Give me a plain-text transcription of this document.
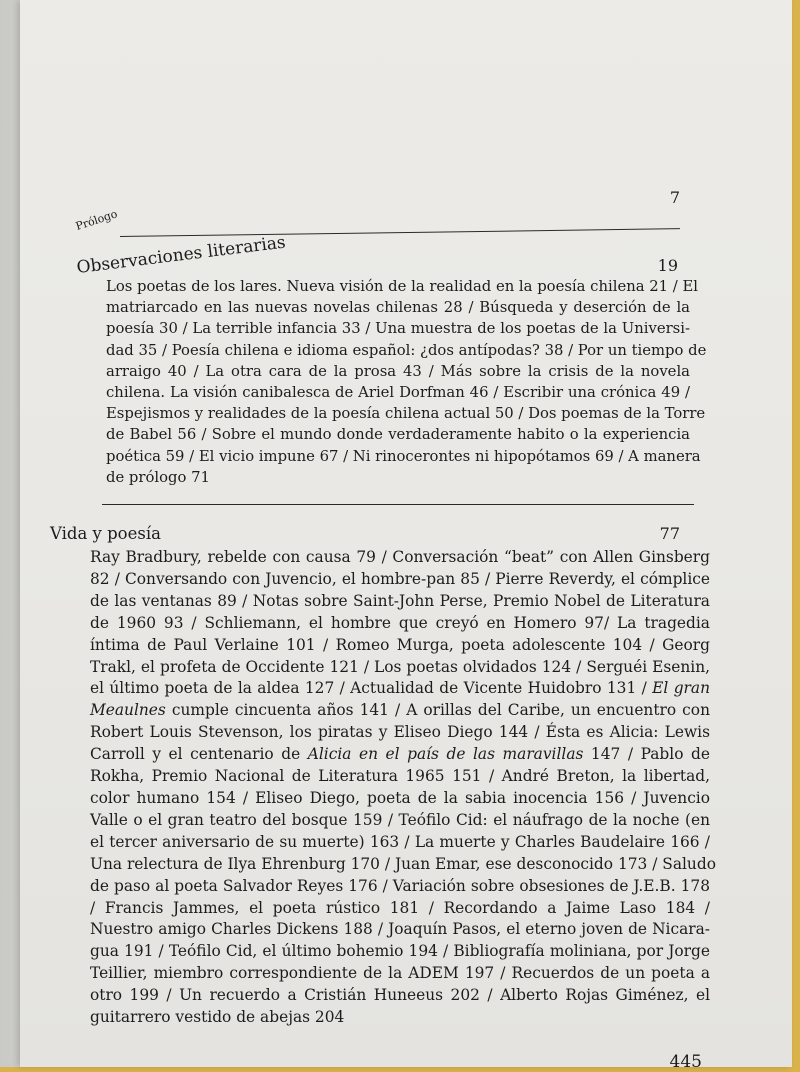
7
Prólogo
Observaciones literarias	19
Los poetas de los lares. Nueva visión de la realidad en la poesía chilena 21 / El
matriarcado en las nuevas novelas chilenas 28 / Búsqueda y deserción de la
poesía 30 / La terrible infancia 33 / Una muestra de los poetas de la Universi-
dad 35 / Poesía chilena e idioma español: ¿dos antípodas? 38 / Por un tiempo de
arraigo 40 / La otra cara de la prosa 43 / Más sobre la crisis de la novela
chilena. La visión canibalesca de Ariel Dorfman 46 / Escribir una crónica 49 /
Espejismos y realidades de la poesía chilena actual 50 / Dos poemas de la Torre
de Babel 56 / Sobre el mundo donde verdaderamente habito o la experiencia
poética 59 / El vicio impune 67 / Ni rinocerontes ni hipopótamos 69 / A manera
de prólogo 71
Vida y poesía	77
Ray Bradbury, rebelde con causa 79 / Conversación “beat” con Allen Ginsberg
82 / Conversando con Juvencio, el hombre-pan 85 / Pierre Reverdy, el cómplice
de las ventanas 89 / Notas sobre Saint-John Perse, Premio Nobel de Literatura
de 1960 93 / Schliemann, el hombre que creyó en Homero 97/ La tragedia
íntima de Paul Verlaine 101 / Romeo Murga, poeta adolescente 104 / Georg
Trakl, el profeta de Occidente 121 / Los poetas olvidados 124 / Serguéi Esenin,
el último poeta de la aldea 127 / Actualidad de Vicente Huidobro 131 / El gran
Meaulnes cumple cincuenta años 141 / A orillas del Caribe, un encuentro con
Robert Louis Stevenson, los piratas y Eliseo Diego 144 / Ésta es Alicia: Lewis
Carroll y el centenario de Alicia en el país de las maravillas 147 / Pablo de
Rokha, Premio Nacional de Literatura 1965 151 / André Breton, la libertad,
color humano 154 / Eliseo Diego, poeta de la sabia inocencia 156 / Juvencio
Valle o el gran teatro del bosque 159 / Teófilo Cid: el náufrago de la noche (en
el tercer aniversario de su muerte) 163 / La muerte y Charles Baudelaire 166 /
Una relectura de Ilya Ehrenburg 170 / Juan Emar, ese desconocido 173 / Saludo
de paso al poeta Salvador Reyes 176 / Variación sobre obsesiones de J.E.B. 178
/ Francis Jammes, el poeta rústico 181 / Recordando a Jaime Laso 184 /
Nuestro amigo Charles Dickens 188 / Joaquín Pasos, el eterno joven de Nicara-
gua 191 / Teófilo Cid, el último bohemio 194 / Bibliografía moliniana, por Jorge
Teillier, miembro correspondiente de la ADEM 197 / Recuerdos de un poeta a
otro 199 / Un recuerdo a Cristián Huneeus 202 / Alberto Rojas Giménez, el
guitarrero vestido de abejas 204
445
